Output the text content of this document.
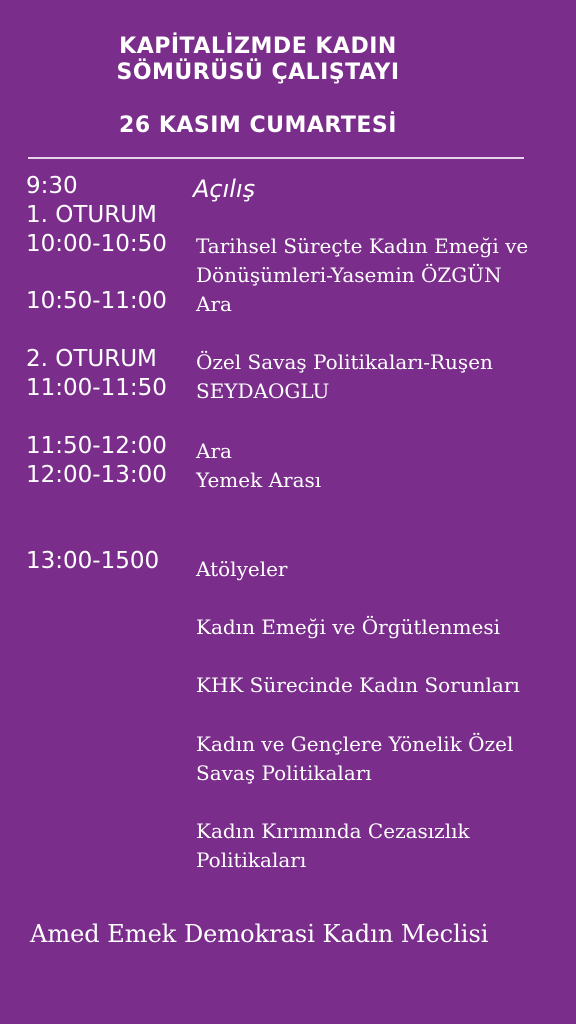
KAPİTALİZMDE KADIN
SÖMÜRÜSÜ ÇALIŞTAYI
26 KASIM CUMARTESİ
9:30	Açılış
1. OTURUM
10:00-10:50 Tarihsel Süreçte Kadın Emeği ve Dönüşümleri-Yasemin ÖZGÜN
10:50-11:00 Ara
2. OTURUM
11:00-11:50
Özel Savaş Politikaları-Ruşen SEYDAOGLU
11:50-12:00 Ara
12:00-13:00 Yemek Arası
13:00-1500 Atölyeler
Kadın Emeği ve Örgütlenmesi
KHK Sürecinde Kadın Sorunları
Kadın ve Gençlere Yönelik Özel Savaş Politikaları
Kadın Kırımında Cezasızlık Politikaları
Amed Emek Demokrasi Kadın Meclisi
